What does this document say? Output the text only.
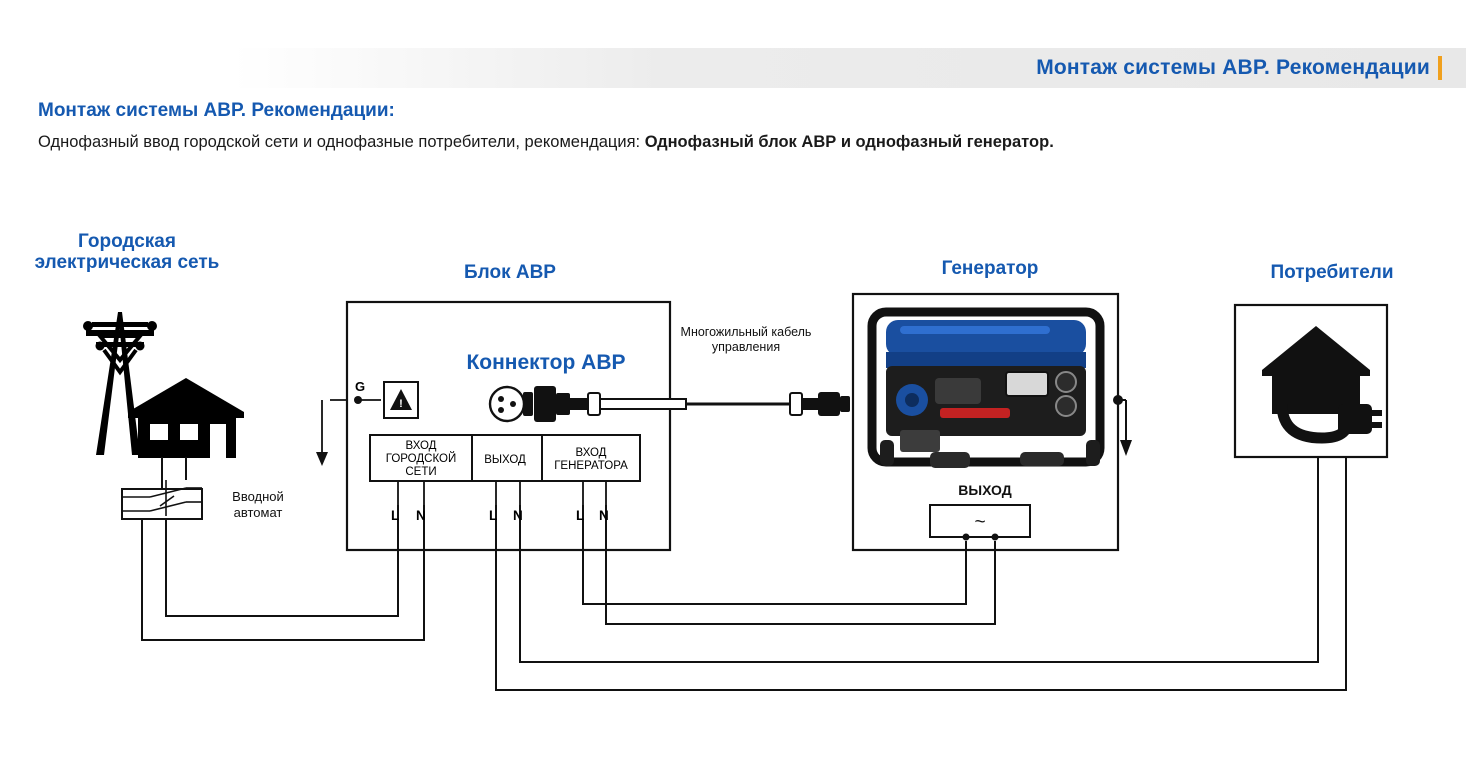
Монтаж системы АВР. Рекомендации
Монтаж системы АВР. Рекомендации:
Однофазный ввод городской сети и однофазные потребители, рекомендация: Однофазный блок АВР и однофазный генератор.
Городская электрическая сеть	Блок АВР	Генератор	Потребители
!
~
G
Коннектор АВР
Многожильный кабель управления
Вводной автомат
ВЫХОД
ВХОД ГОРОДСКОЙ СЕТИ
ВЫХОД
ВХОД ГЕНЕРАТОРА
L N	L N	L N
